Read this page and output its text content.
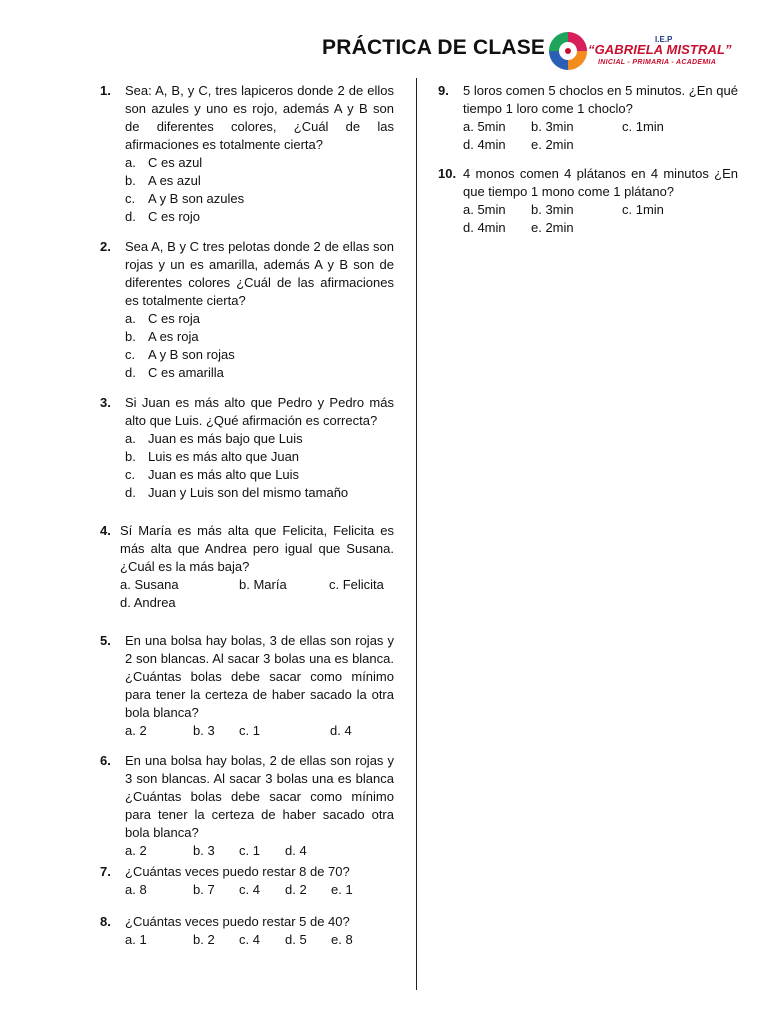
PRÁCTICA DE CLASE	I.E.P
“GABRIELA MISTRAL”
INICIAL - PRIMARIA - ACADEMIA
1. Sea: A, B, y C, tres lapiceros donde 2 de ellos son azules y uno es rojo, además A y B son de diferentes colores, ¿Cuál de las afirmaciones es totalmente cierta?
a. C es azul
b. A es azul
c. A y B son azules
d. C es rojo
2. Sea A, B y C tres pelotas donde 2 de ellas son rojas y un es amarilla, además A y B son de diferentes colores ¿Cuál de las afirmaciones es totalmente cierta?
a. C es roja
b. A es roja
c. A y B son rojas
d. C es amarilla
3. Si Juan es más alto que Pedro y Pedro más alto que Luis. ¿Qué afirmación es correcta?
a. Juan es más bajo que Luis
b. Luis es más alto que Juan
c. Juan es más alto que Luis
d. Juan y Luis son del mismo tamaño
4. Sí María es más alta que Felicita, Felicita es más alta que Andrea pero igual que Susana. ¿Cuál es la más baja?
a. Susana	b. María	c. Felicita
d. Andrea
5. En una bolsa hay bolas, 3 de ellas son rojas y 2 son blancas. Al sacar 3 bolas una es blanca. ¿Cuántas bolas debe sacar como mínimo para tener la certeza de haber sacado la otra bola blanca?
a. 2	b. 3	c. 1	d. 4
6. En una bolsa hay bolas, 2 de ellas son rojas y 3 son blancas. Al sacar 3 bolas una es blanca ¿Cuántas bolas debe sacar como mínimo para tener la certeza de haber sacado otra bola blanca?
a. 2	b. 3	c. 1	d. 4
7. ¿Cuántas veces puedo restar 8 de 70?
a. 8	b. 7	c. 4	d. 2	e. 1
8. ¿Cuántas veces puedo restar 5 de 40?
a. 1	b. 2	c. 4	d. 5	e. 8
9. 5 loros comen 5 choclos en 5 minutos. ¿En qué tiempo 1 loro come 1 choclo?
a. 5min	b. 3min	c. 1min
d. 4min	e. 2min
10. 4 monos comen 4 plátanos en 4 minutos ¿En que tiempo 1 mono come 1 plátano?
a. 5min	b. 3min	c. 1min
d. 4min	e. 2min
